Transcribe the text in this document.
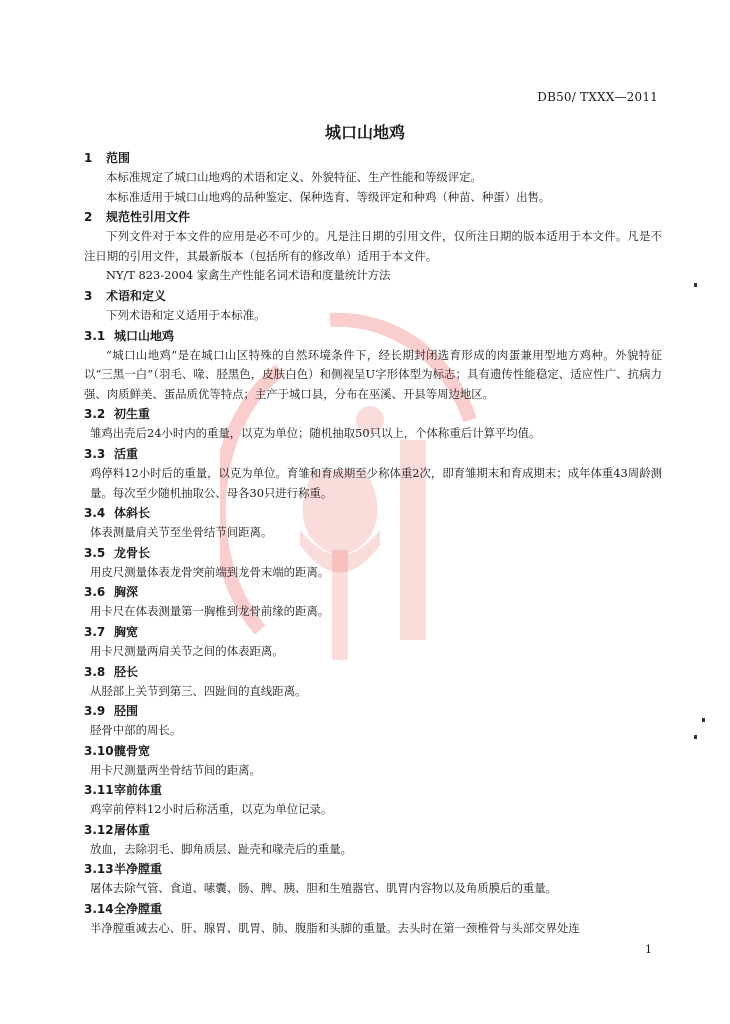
DB50/ TXXX—2011
城口山地鸡
1 范围

本标准规定了城口山地鸡的术语和定义、外貌特征、生产性能和等级评定。

本标准适用于城口山地鸡的品种鉴定、保种选育、等级评定和种鸡（种苗、种蛋）出售。

2 规范性引用文件

下列文件对于本文件的应用是必不可少的。凡是注日期的引用文件，仅所注日期的版本适用于本文件。凡是不注日期的引用文件，其最新版本（包括所有的修改单）适用于本文件。

NY/T 823-2004 家禽生产性能名词术语和度量统计方法

3 术语和定义

下列术语和定义适用于本标准。

3.1 城口山地鸡

“城口山地鸡”是在城口山区特殊的自然环境条件下，经长期封闭选育形成的肉蛋兼用型地方鸡种。外貌特征以“三黑一白”（羽毛、喙、胫黑色，皮肤白色）和侧视呈U字形体型为标志；具有遗传性能稳定、适应性广、抗病力强、肉质鲜美、蛋品质优等特点；主产于城口县，分布在巫溪、开县等周边地区。

3.2 初生重

雏鸡出壳后24小时内的重量，以克为单位；随机抽取50只以上，个体称重后计算平均值。

3.3 活重

鸡停料12小时后的重量，以克为单位。育雏和育成期至少称体重2次，即育雏期末和育成期末；成年体重43周龄测量。每次至少随机抽取公、母各30只进行称重。

3.4 体斜长

体表测量肩关节至坐骨结节间距离。

3.5 龙骨长

用皮尺测量体表龙骨突前端到龙骨末端的距离。

3.6 胸深

用卡尺在体表测量第一胸椎到龙骨前缘的距离。

3.7 胸宽

用卡尺测量两肩关节之间的体表距离。

3.8 胫长

从胫部上关节到第三、四趾间的直线距离。

3.9 胫围

胫骨中部的周长。

3.10髋骨宽

用卡尺测量两坐骨结节间的距离。

3.11宰前体重

鸡宰前停料12小时后称活重，以克为单位记录。

3.12屠体重

放血，去除羽毛、脚角质层、趾壳和喙壳后的重量。

3.13半净膛重

屠体去除气管、食道、嗉囊、肠、脾、胰、胆和生殖器官、肌胃内容物以及角质膜后的重量。

3.14全净膛重

半净膛重减去心、肝、腺胃、肌胃、肺、腹脂和头脚的重量。去头时在第一颈椎骨与头部交界处连

1
